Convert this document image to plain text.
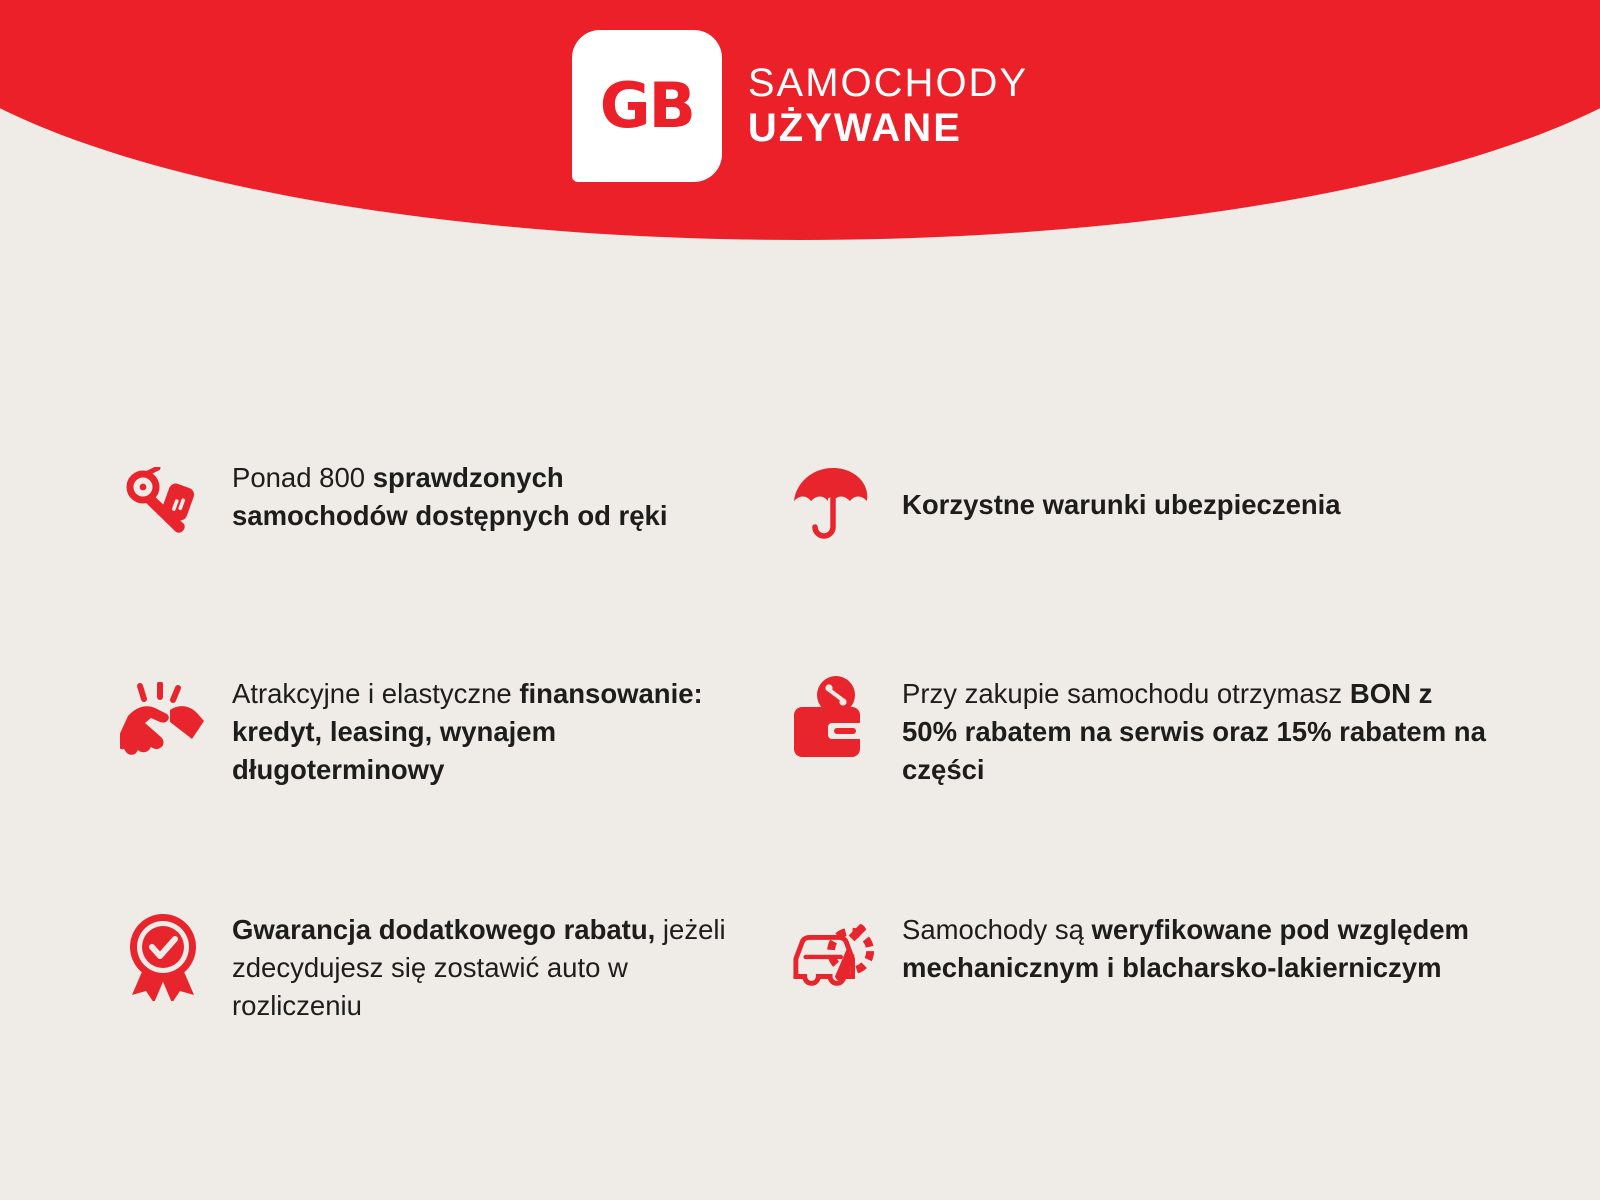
GB SAMOCHODY
UŻYWANE
Ponad 800 sprawdzonych samochodów dostępnych od ręki
Atrakcyjne i elastyczne finansowanie: kredyt, leasing, wynajem długoterminowy
Gwarancja dodatkowego rabatu, jeżeli zdecydujesz się zostawić auto w rozliczeniu
Korzystne warunki ubezpieczenia
Przy zakupie samochodu otrzymasz BON z 50% rabatem na serwis oraz 15% rabatem na części
Samochody są weryfikowane pod względem mechanicznym i blacharsko-lakierniczym
